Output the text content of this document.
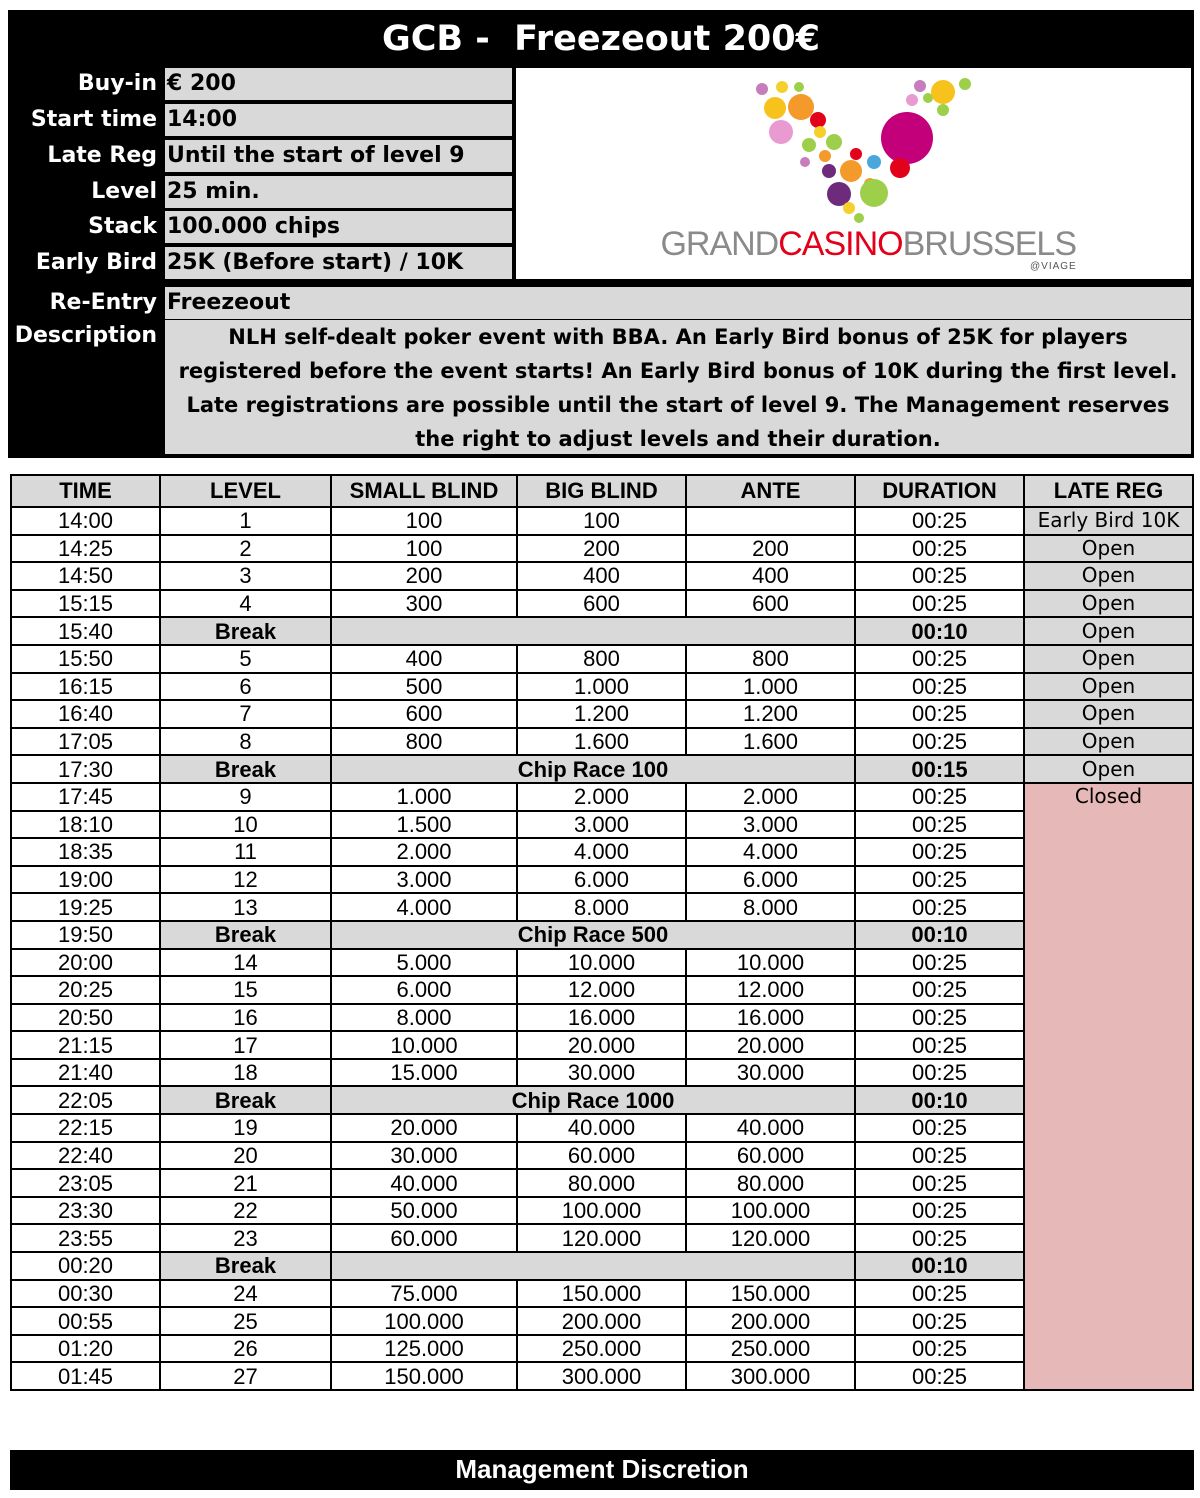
GCB -  Freezeout 200€
Buy-in € 200
Start time 14:00
Late Reg Until the start of level 9
Level 25 min.
Stack 100.000 chips
Early Bird 25K (Before start) / 10K
Re-Entry Freezeout
Description	NLH self-dealt poker event with BBA. An Early Bird bonus of 25K for players registered before the event starts! An Early Bird bonus of 10K during the first level. Late registrations are possible until the start of level 9. The Management reserves the right to adjust levels and their duration.
GRANDCASINOBRUSSELS
@VIAGE
TIME	LEVEL	SMALL BLIND	BIG BLIND	ANTE	DURATION	LATE REG
14:00	1	100	100		00:25	Early Bird 10K
14:25	2	100	200	200	00:25	Open
14:50	3	200	400	400	00:25	Open
15:15	4	300	600	600	00:25	Open
15:40	Break				00:10	Open
15:50	5	400	800	800	00:25	Open
16:15	6	500	1.000	1.000	00:25	Open
16:40	7	600	1.200	1.200	00:25	Open
17:05	8	800	1.600	1.600	00:25	Open
17:30	Break	Chip Race 100			00:15	Open
17:45	9	1.000	2.000	2.000	00:25	Closed
18:10	10	1.500	3.000	3.000	00:25	
18:35	11	2.000	4.000	4.000	00:25	
19:00	12	3.000	6.000	6.000	00:25	
19:25	13	4.000	8.000	8.000	00:25	
19:50	Break	Chip Race 500			00:10	
20:00	14	5.000	10.000	10.000	00:25	
20:25	15	6.000	12.000	12.000	00:25	
20:50	16	8.000	16.000	16.000	00:25	
21:15	17	10.000	20.000	20.000	00:25	
21:40	18	15.000	30.000	30.000	00:25	
22:05	Break	Chip Race 1000			00:10	
22:15	19	20.000	40.000	40.000	00:25	
22:40	20	30.000	60.000	60.000	00:25	
23:05	21	40.000	80.000	80.000	00:25	
23:30	22	50.000	100.000	100.000	00:25	
23:55	23	60.000	120.000	120.000	00:25	
00:20	Break				00:10	
00:30	24	75.000	150.000	150.000	00:25	
00:55	25	100.000	200.000	200.000	00:25	
01:20	26	125.000	250.000	250.000	00:25	
01:45	27	150.000	300.000	300.000	00:25	
Management Discretion
